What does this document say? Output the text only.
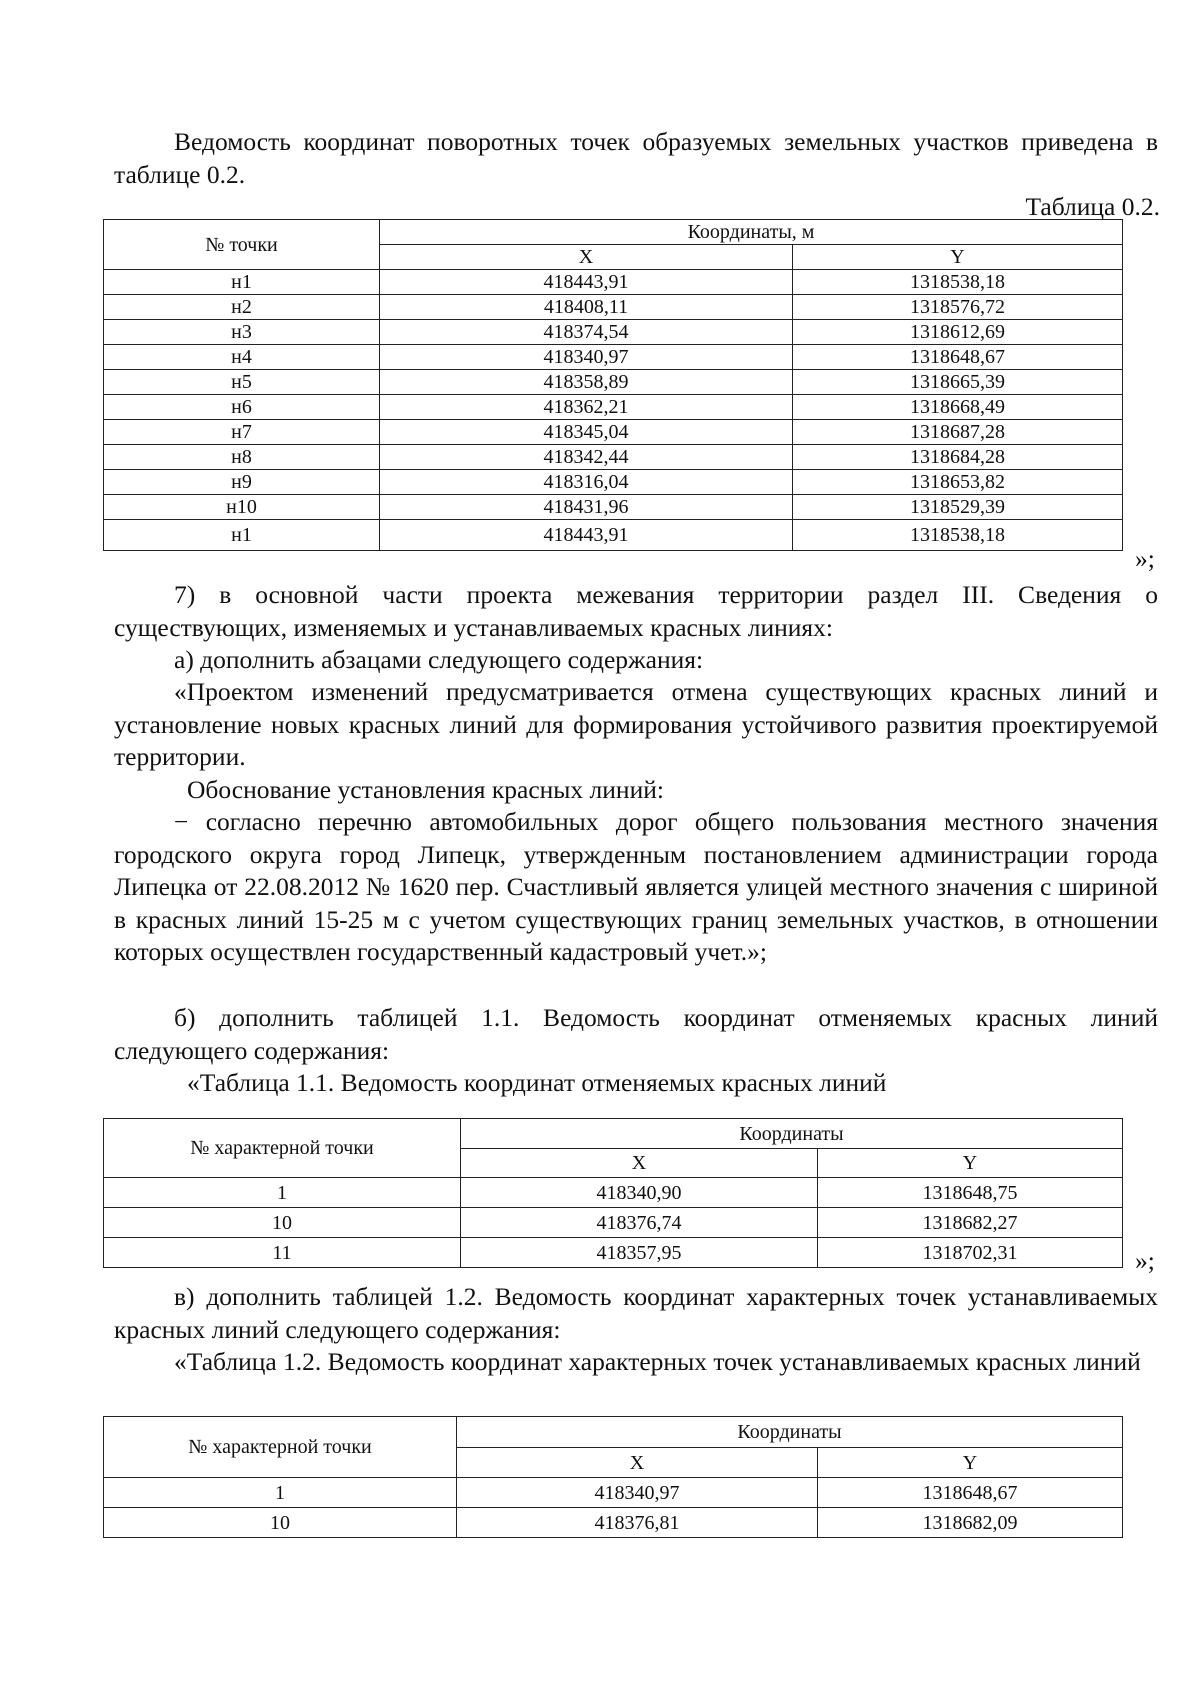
Ведомость координат поворотных точек образуемых земельных участков приведена в таблице 0.2.

Таблица 0.2.
№ точки	Координаты, м	
	X	Y
н1	418443,91	1318538,18
н2	418408,11	1318576,72
н3	418374,54	1318612,69
н4	418340,97	1318648,67
н5	418358,89	1318665,39
н6	418362,21	1318668,49
н7	418345,04	1318687,28
н8	418342,44	1318684,28
н9	418316,04	1318653,82
н10	418431,96	1318529,39
н1	418443,91	1318538,18
»;

7) в основной части проекта межевания территории раздел III. Сведения о существующих, изменяемых и устанавливаемых красных линиях:

а) дополнить абзацами следующего содержания:

«Проектом изменений предусматривается отмена существующих красных линий и установление новых красных линий для формирования устойчивого развития проектируемой территории.

Обоснование установления красных линий:

− согласно перечню автомобильных дорог общего пользования местного значения городского округа город Липецк, утвержденным постановлением администрации города Липецка от 22.08.2012 № 1620 пер. Счастливый является улицей местного значения с шириной в красных линий 15-25 м с учетом существующих границ земельных участков, в отношении которых осуществлен государственный кадастровый учет.»;

б) дополнить таблицей 1.1. Ведомость координат отменяемых красных линий следующего содержания:

«Таблица 1.1. Ведомость координат отменяемых красных линий

№ характерной точки	Координаты	
	X	Y
1	418340,90	1318648,75
10	418376,74	1318682,27
11	418357,95	1318702,31	»;

в) дополнить таблицей 1.2. Ведомость координат характерных точек устанавливаемых красных линий следующего содержания:

«Таблица 1.2. Ведомость координат характерных точек устанавливаемых красных линий

№ характерной точки	Координаты	
	X	Y
1	418340,97	1318648,67
10	418376,81	1318682,09
